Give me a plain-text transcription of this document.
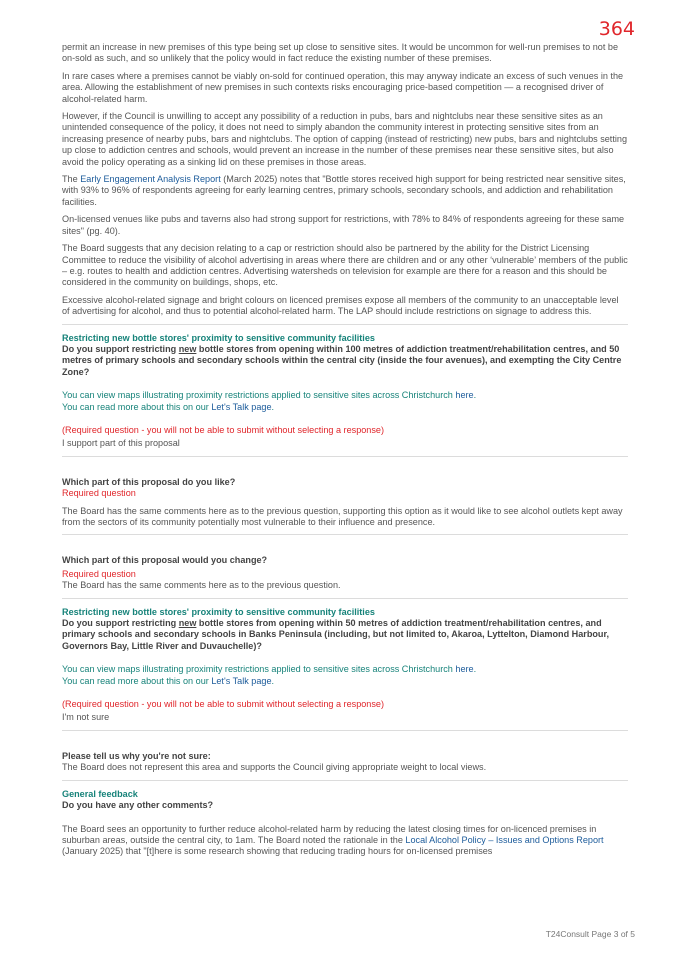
364

permit an increase in new premises of this type being set up close to sensitive sites. It would be uncommon for well-run premises to not be on-sold as such, and so unlikely that the policy would in fact reduce the existing number of these premises.

In rare cases where a premises cannot be viably on-sold for continued operation, this may anyway indicate an excess of such venues in the area. Allowing the establishment of new premises in such contexts risks encouraging price-based competition — a recognised driver of alcohol-related harm.

However, if the Council is unwilling to accept any possibility of a reduction in pubs, bars and nightclubs near these sensitive sites as an unintended consequence of the policy, it does not need to simply abandon the community interest in protecting sensitive sites from an increasing presence of nearby pubs, bars and nightclubs. The option of capping (instead of restricting) new pubs, bars and nightclubs setting up close to addiction centres and schools, would prevent an increase in the number of these premises near these sensitive sites, but also avoid the policy operating as a sinking lid on these premises in those areas.

The Early Engagement Analysis Report (March 2025) notes that "Bottle stores received high support for being restricted near sensitive sites, with 93% to 96% of respondents agreeing for early learning centres, primary schools, secondary schools, and addiction and rehabilitation facilities.

On-licensed venues like pubs and taverns also had strong support for restrictions, with 78% to 84% of respondents agreeing for these same sites" (pg. 40).

The Board suggests that any decision relating to a cap or restriction should also be partnered by the ability for the District Licensing Committee to reduce the visibility of alcohol advertising in areas where there are children and or any other ‘vulnerable’ members of the public – e.g. routes to health and addiction centres. Advertising watersheds on television for example are there for a reason and this should be considered in the community on buildings, shops, etc.

Excessive alcohol-related signage and bright colours on licenced premises expose all members of the community to an unacceptable level of advertising for alcohol, and thus to potential alcohol-related harm. The LAP should include restrictions on signage to address this.

Restricting new bottle stores' proximity to sensitive community facilities

Do you support restricting new bottle stores from opening within 100 metres of addiction treatment/rehabilitation centres, and 50 metres of primary schools and secondary schools within the central city (inside the four avenues), and exempting the City Centre Zone?

You can view maps illustrating proximity restrictions applied to sensitive sites across Christchurch here.

You can read more about this on our Let's Talk page.

(Required question - you will not be able to submit without selecting a response)

I support part of this proposal

Which part of this proposal do you like?

Required question

The Board has the same comments here as to the previous question, supporting this option as it would like to see alcohol outlets kept away from the sectors of its community potentially most vulnerable to their influence and presence.

Which part of this proposal would you change?

Required question

The Board has the same comments here as to the previous question.

Restricting new bottle stores' proximity to sensitive community facilities

Do you support restricting new bottle stores from opening within 50 metres of addiction treatment/rehabilitation centres, and primary schools and secondary schools in Banks Peninsula (including, but not limited to, Akaroa, Lyttelton, Diamond Harbour, Governors Bay, Little River and Duvauchelle)?

You can view maps illustrating proximity restrictions applied to sensitive sites across Christchurch here.

You can read more about this on our Let's Talk page.

(Required question - you will not be able to submit without selecting a response)

I'm not sure

Please tell us why you're not sure:

The Board does not represent this area and supports the Council giving appropriate weight to local views.

General feedback

Do you have any other comments?

The Board sees an opportunity to further reduce alcohol-related harm by reducing the latest closing times for on-licenced premises in suburban areas, outside the central city, to 1am. The Board noted the rationale in the Local Alcohol Policy – Issues and Options Report (January 2025) that "[t]here is some research showing that reducing trading hours for on-licensed premises

T24Consult Page 3 of 5
